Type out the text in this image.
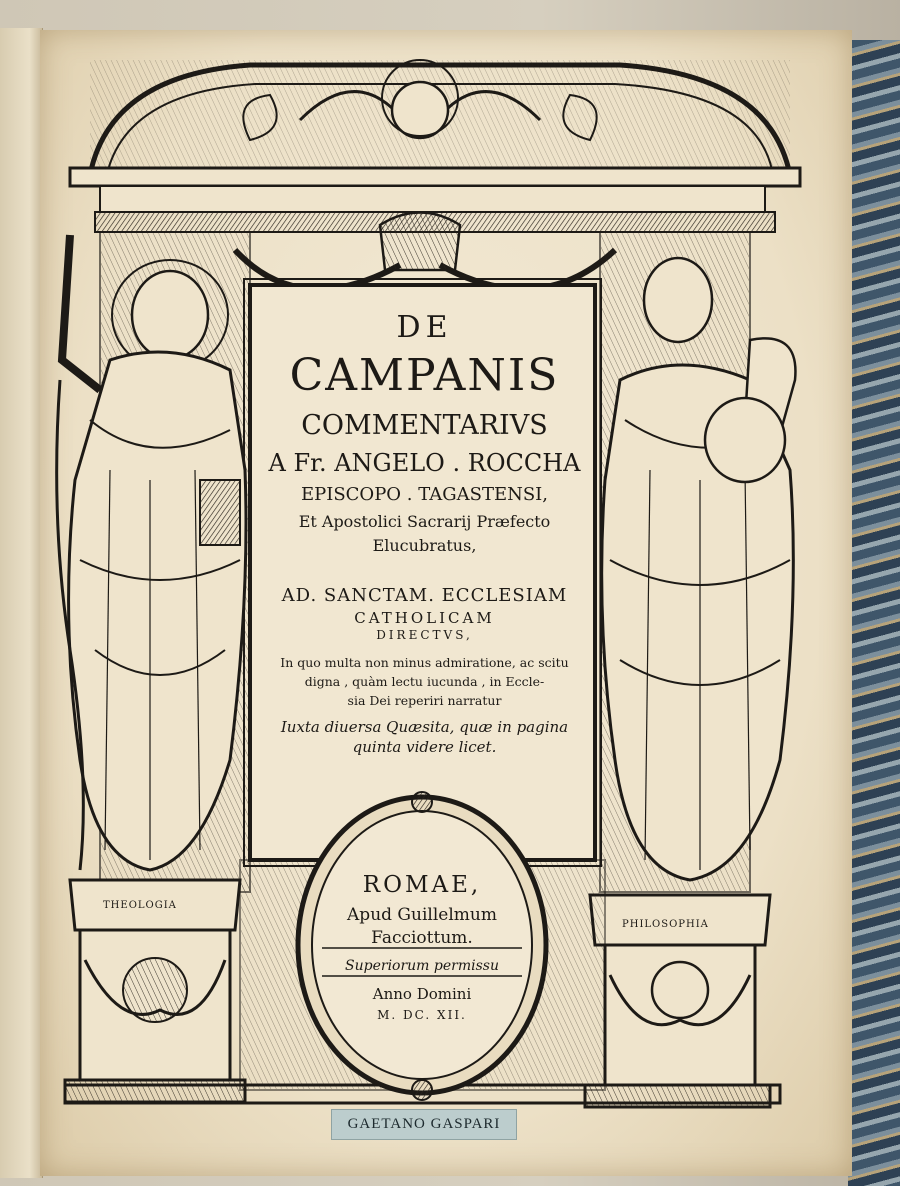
DE
CAMPANIS
COMMENTARIVS
A Fr. ANGELO . ROCCHA
EPISCOPO . TAGASTENSI,
Et Apostolici Sacrarij Præfecto
Elucubratus,
AD. SANCTAM. ECCLESIAM
CATHOLICAM
DIRECTVS,
In quo multa non minus admiratione, ac scitu
digna , quàm lectu iucunda , in Eccle-
sia Dei reperiri narratur
Iuxta diuersa Quæsita, quæ in pagina
quinta videre licet.
ROMAE,
Apud Guillelmum
Facciottum.
Superiorum permissu
Anno Domini
M. DC. XII.
THEOLOGIA
PHILOSOPHIA
GAETANO GASPARI
